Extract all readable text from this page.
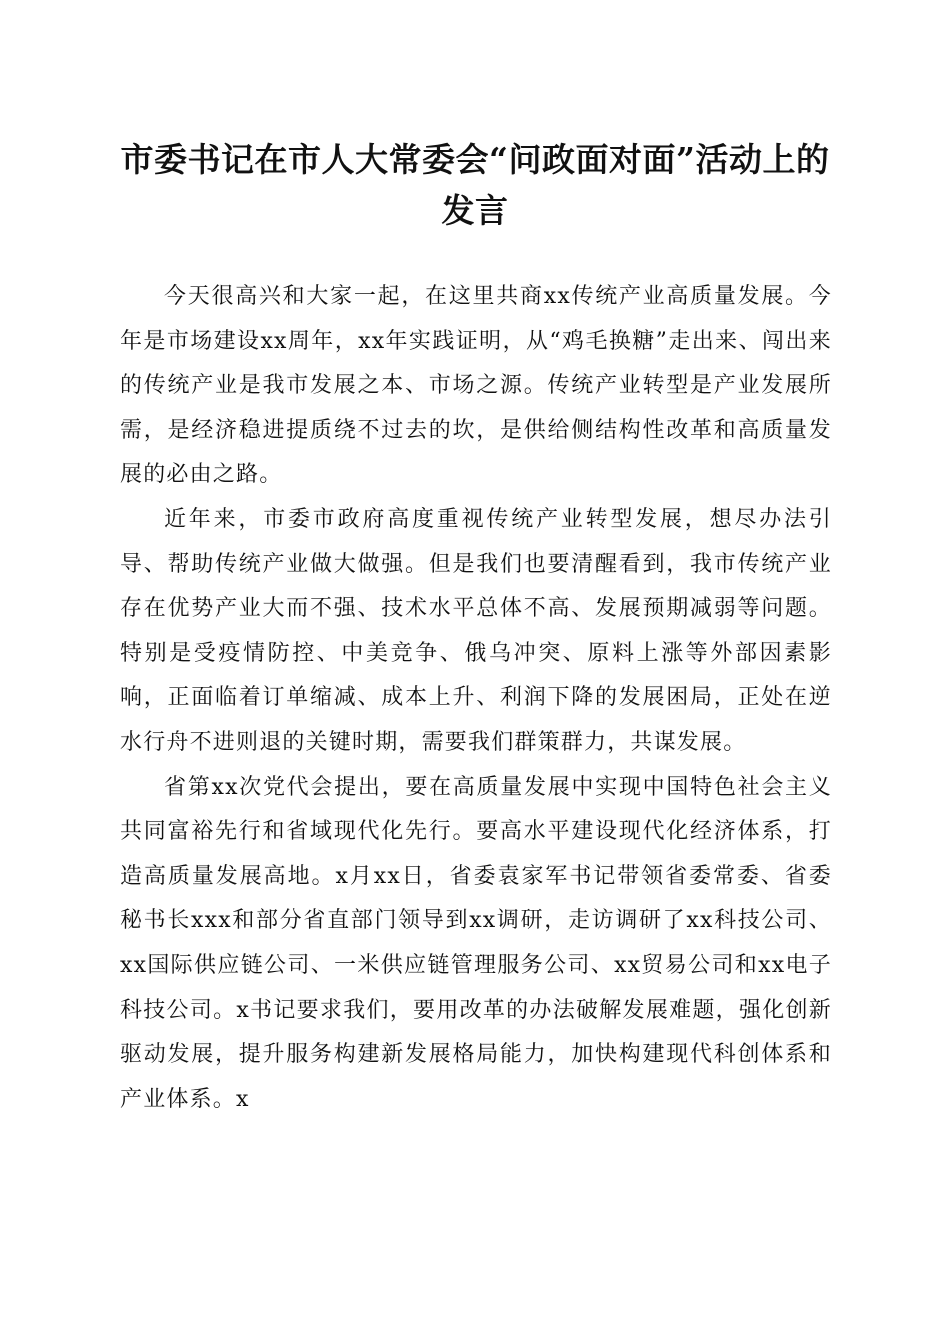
市委书记在市人大常委会“问政面对面”活动上的发言

今天很高兴和大家一起，在这里共商xx传统产业高质量发展。今年是市场建设xx周年，xx年实践证明，从“鸡毛换糖”走出来、闯出来的传统产业是我市发展之本、市场之源。传统产业转型是产业发展所需，是经济稳进提质绕不过去的坎，是供给侧结构性改革和高质量发展的必由之路。

近年来，市委市政府高度重视传统产业转型发展，想尽办法引导、帮助传统产业做大做强。但是我们也要清醒看到，我市传统产业存在优势产业大而不强、技术水平总体不高、发展预期减弱等问题。特别是受疫情防控、中美竞争、俄乌冲突、原料上涨等外部因素影响，正面临着订单缩减、成本上升、利润下降的发展困局，正处在逆水行舟不进则退的关键时期，需要我们群策群力，共谋发展。

省第xx次党代会提出，要在高质量发展中实现中国特色社会主义共同富裕先行和省域现代化先行。要高水平建设现代化经济体系，打造高质量发展高地。x月xx日，省委袁家军书记带领省委常委、省委秘书长xxx和部分省直部门领导到xx调研，走访调研了xx科技公司、xx国际供应链公司、一米供应链管理服务公司、xx贸易公司和xx电子科技公司。x书记要求我们，要用改革的办法破解发展难题，强化创新驱动发展，提升服务构建新发展格局能力，加快构建现代科创体系和产业体系。x
